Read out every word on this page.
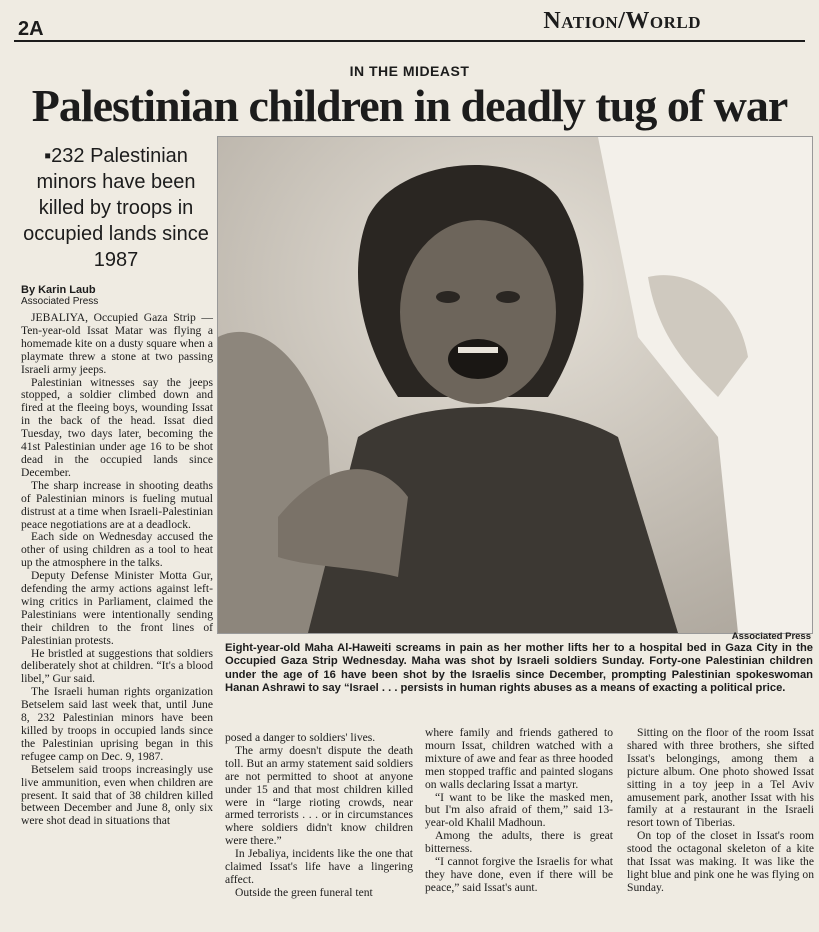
2A	Nation/World
IN THE MIDEAST
Palestinian children in deadly tug of war
▪232 Palestinian minors have been killed by troops in occupied lands since 1987
By Karin Laub
Associated Press

JEBALIYA, Occupied Gaza Strip — Ten-year-old Issat Matar was flying a homemade kite on a dusty square when a playmate threw a stone at two passing Israeli army jeeps.

Palestinian witnesses say the jeeps stopped, a soldier climbed down and fired at the fleeing boys, wounding Issat in the back of the head. Issat died Tuesday, two days later, becoming the 41st Palestinian under age 16 to be shot dead in the occupied lands since December.

The sharp increase in shooting deaths of Palestinian minors is fueling mutual distrust at a time when Israeli-Palestinian peace negotiations are at a deadlock.

Each side on Wednesday accused the other of using children as a tool to heat up the atmosphere in the talks.

Deputy Defense Minister Motta Gur, defending the army actions against left-wing critics in Parliament, claimed the Palestinians were intentionally sending their children to the front lines of Palestinian protests.

He bristled at suggestions that soldiers deliberately shot at children. “It's a blood libel,” Gur said.

The Israeli human rights organization Betselem said last week that, until June 8, 232 Palestinian minors have been killed by troops in occupied lands since the Palestinian uprising began in this refugee camp on Dec. 9, 1987.

Betselem said troops increasingly use live ammunition, even when children are present. It said that of 38 children killed between December and June 8, only six were shot dead in situations that

Associated Press
Eight-year-old Maha Al-Haweiti screams in pain as her mother lifts her to a hospital bed in Gaza City in the Occupied Gaza Strip Wednesday. Maha was shot by Israeli soldiers Sunday. Forty-one Palestinian children under the age of 16 have been shot by the Israelis since December, prompting Palestinian spokeswoman Hanan Ashrawi to say “Israel . . . persists in human rights abuses as a means of exacting a political price.

posed a danger to soldiers' lives.

The army doesn't dispute the death toll. But an army statement said soldiers are not permitted to shoot at anyone under 15 and that most children killed were in “large rioting crowds, near armed terrorists . . . or in circumstances where soldiers didn't know children were there.”

In Jebaliya, incidents like the one that claimed Issat's life have a lingering affect.

Outside the green funeral tent

where family and friends gathered to mourn Issat, children watched with a mixture of awe and fear as three hooded men stopped traffic and painted slogans on walls declaring Issat a martyr.

“I want to be like the masked men, but I'm also afraid of them,” said 13-year-old Khalil Madhoun.

Among the adults, there is great bitterness.

“I cannot forgive the Israelis for what they have done, even if there will be peace,” said Issat's aunt.

Sitting on the floor of the room Issat shared with three brothers, she sifted Issat's belongings, among them a picture album. One photo showed Issat sitting in a toy jeep in a Tel Aviv amusement park, another Issat with his family at a restaurant in the Israeli resort town of Tiberias.

On top of the closet in Issat's room stood the octagonal skeleton of a kite that Issat was making. It was like the light blue and pink one he was flying on Sunday.
